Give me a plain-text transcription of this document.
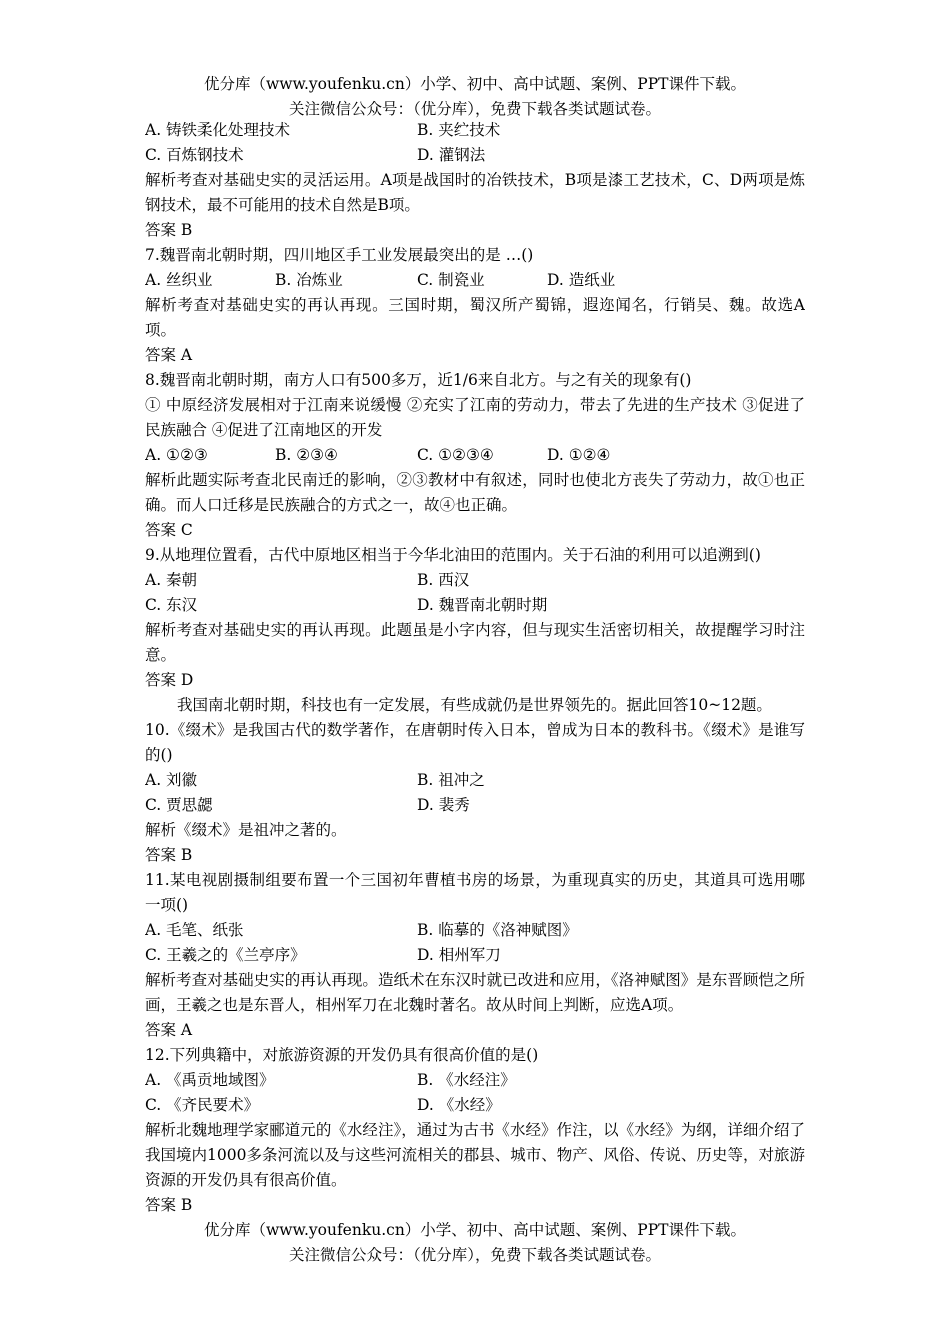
优分库（www.youfenku.cn）小学、初中、高中试题、案例、PPT课件下载。
关注微信公众号：（优分库），免费下载各类试题试卷。
A. 铸铁柔化处理技术	B. 夹纻技术
C. 百炼钢技术	D. 灌钢法
解析考查对基础史实的灵活运用。A项是战国时的冶铁技术，B项是漆工艺技术，C、D两项是炼钢技术，最不可能用的技术自然是B项。
答案 B
7.魏晋南北朝时期，四川地区手工业发展最突出的是 …()
A. 丝织业	B. 冶炼业	C. 制瓷业	D. 造纸业
解析考查对基础史实的再认再现。三国时期，蜀汉所产蜀锦，遐迩闻名，行销吴、魏。故选A项。
答案 A
8.魏晋南北朝时期，南方人口有500多万，近1/6来自北方。与之有关的现象有()
① 中原经济发展相对于江南来说缓慢 ②充实了江南的劳动力，带去了先进的生产技术 ③促进了民族融合 ④促进了江南地区的开发
A. ①②③	B. ②③④	C. ①②③④	D. ①②④
解析此题实际考查北民南迁的影响，②③教材中有叙述，同时也使北方丧失了劳动力，故①也正确。而人口迁移是民族融合的方式之一，故④也正确。
答案 C
9.从地理位置看，古代中原地区相当于今华北油田的范围内。关于石油的利用可以追溯到()
A. 秦朝	B. 西汉
C. 东汉	D. 魏晋南北朝时期
解析考查对基础史实的再认再现。此题虽是小字内容，但与现实生活密切相关，故提醒学习时注意。
答案 D
我国南北朝时期，科技也有一定发展，有些成就仍是世界领先的。据此回答10~12题。
10.《缀术》是我国古代的数学著作，在唐朝时传入日本，曾成为日本的教科书。《缀术》是谁写的()
A. 刘徽	B. 祖冲之
C. 贾思勰	D. 裴秀
解析《缀术》是祖冲之著的。
答案 B
11.某电视剧摄制组要布置一个三国初年曹植书房的场景，为重现真实的历史，其道具可选用哪一项()
A. 毛笔、纸张	B. 临摹的《洛神赋图》
C. 王羲之的《兰亭序》	D. 相州军刀
解析考查对基础史实的再认再现。造纸术在东汉时就已改进和应用，《洛神赋图》是东晋顾恺之所画，王羲之也是东晋人，相州军刀在北魏时著名。故从时间上判断，应选A项。
答案 A
12.下列典籍中，对旅游资源的开发仍具有很高价值的是()
A. 《禹贡地域图》	B. 《水经注》
C. 《齐民要术》	D. 《水经》
解析北魏地理学家郦道元的《水经注》，通过为古书《水经》作注，以《水经》为纲，详细介绍了我国境内1000多条河流以及与这些河流相关的郡县、城市、物产、风俗、传说、历史等，对旅游资源的开发仍具有很高价值。
答案 B
优分库（www.youfenku.cn）小学、初中、高中试题、案例、PPT课件下载。
关注微信公众号：（优分库），免费下载各类试题试卷。
